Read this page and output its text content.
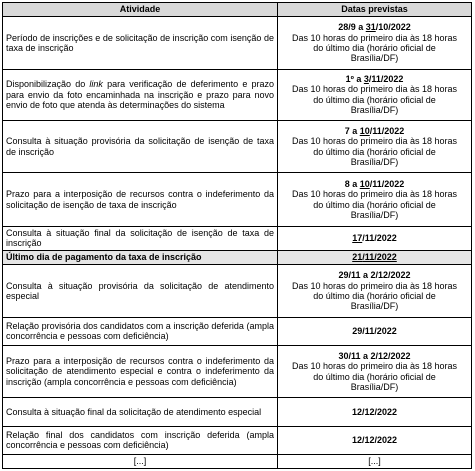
Atividade	Datas previstas
Período de inscrições e de solicitação de inscrição com isenção de taxa de inscrição	28/9 a 31/10/2022
Das 10 horas do primeiro dia às 18 horas
do último dia (horário oficial de
Brasília/DF)

Disponibilização do link para verificação de deferimento e prazo para envio da foto encaminhada na inscrição e prazo para novo envio de foto que atenda às determinações do sistema	1º a 3/11/2022
Das 10 horas do primeiro dia às 18 horas
do último dia (horário oficial de
Brasília/DF)

Consulta à situação provisória da solicitação de isenção de taxa de inscrição	7 a 10/11/2022
Das 10 horas do primeiro dia às 18 horas
do último dia (horário oficial de
Brasília/DF)

Prazo para a interposição de recursos contra o indeferimento da solicitação de isenção de taxa de inscrição	8 a 10/11/2022
Das 10 horas do primeiro dia às 18 horas
do último dia (horário oficial de
Brasília/DF)

Consulta à situação final da solicitação de isenção de taxa de inscrição	17/11/2022
Último dia de pagamento da taxa de inscrição	21/11/2022
Consulta à situação provisória da solicitação de atendimento especial	29/11 a 2/12/2022
Das 10 horas do primeiro dia às 18 horas
do último dia (horário oficial de
Brasília/DF)

Relação provisória dos candidatos com a inscrição deferida (ampla concorrência e pessoas com deficiência)	29/11/2022
Prazo para a interposição de recursos contra o indeferimento da solicitação de atendimento especial e contra o indeferimento da inscrição (ampla concorrência e pessoas com deficiência)	30/11 a 2/12/2022
Das 10 horas do primeiro dia às 18 horas
do último dia (horário oficial de
Brasília/DF)

Consulta à situação final da solicitação de atendimento especial	12/12/2022
Relação final dos candidatos com inscrição deferida (ampla concorrência e pessoas com deficiência)	12/12/2022
[...]	[...]
